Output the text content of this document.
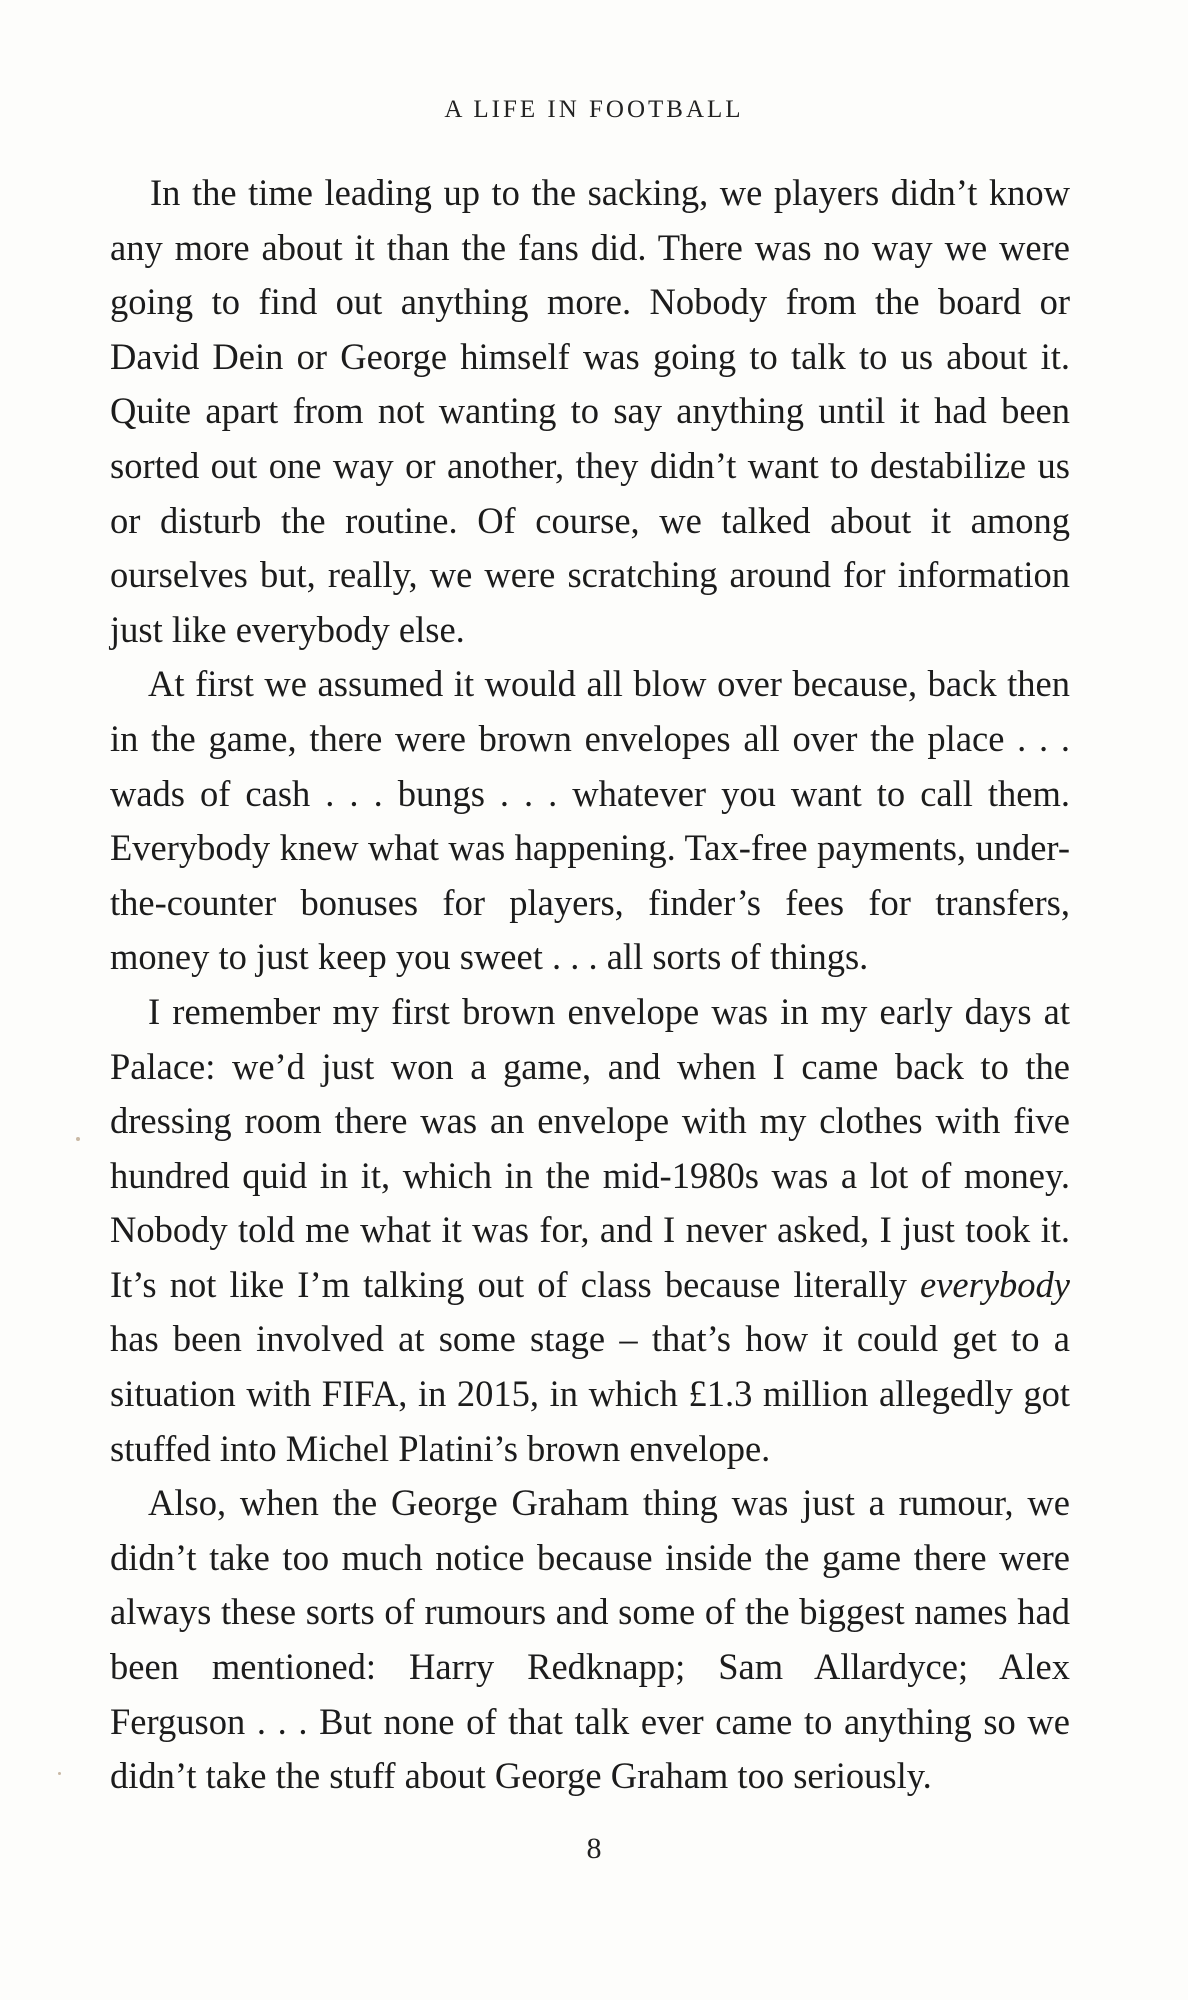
A LIFE IN FOOTBALL

In the time leading up to the sacking, we players didn’t know any more about it than the fans did. There was no way we were going to find out anything more. Nobody from the board or David Dein or George himself was going to talk to us about it. Quite apart from not wanting to say anything until it had been sorted out one way or another, they didn’t want to destabilize us or disturb the routine. Of course, we talked about it among ourselves but, really, we were scratching around for information just like everybody else.

At first we assumed it would all blow over because, back then in the game, there were brown envelopes all over the place . . . wads of cash . . . bungs . . . whatever you want to call them. Everybody knew what was happening. Tax-free payments, under-the-counter bonuses for players, finder’s fees for transfers, money to just keep you sweet . . . all sorts of things.

I remember my first brown envelope was in my early days at Palace: we’d just won a game, and when I came back to the dressing room there was an envelope with my clothes with five hundred quid in it, which in the mid-1980s was a lot of money. Nobody told me what it was for, and I never asked, I just took it. It’s not like I’m talking out of class because literally everybody has been involved at some stage – that’s how it could get to a situation with FIFA, in 2015, in which £1.3 million allegedly got stuffed into Michel Platini’s brown envelope.

Also, when the George Graham thing was just a rumour, we didn’t take too much notice because inside the game there were always these sorts of rumours and some of the biggest names had been mentioned: Harry Redknapp; Sam Allardyce; Alex Ferguson . . . But none of that talk ever came to anything so we didn’t take the stuff about George Graham too seriously.

8
